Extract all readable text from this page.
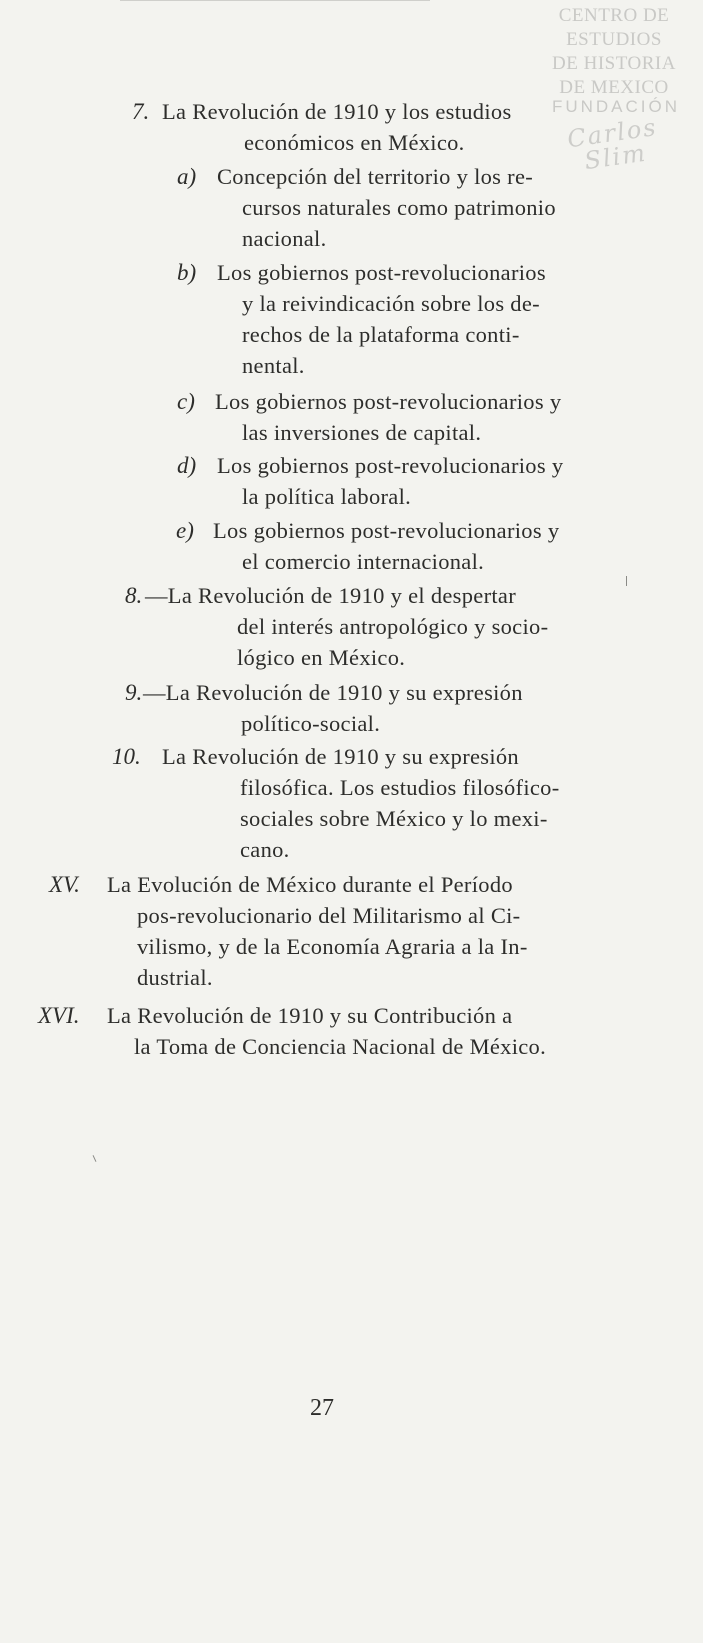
CENTRO DE
ESTUDIOS
DE HISTORIA
DE MEXICO
FUNDACIÓN
Carlos Slim
7. La Revolución de 1910 y los estudios
económicos en México.
a) Concepción del territorio y los re-
cursos naturales como patrimonio
nacional.
b) Los gobiernos post-revolucionarios
y la reivindicación sobre los de-
rechos de la plataforma conti-
nental.
c) Los gobiernos post-revolucionarios y
las inversiones de capital.
d) Los gobiernos post-revolucionarios y
la política laboral.
e) Los gobiernos post-revolucionarios y
el comercio internacional.
8. —La Revolución de 1910 y el despertar
del interés antropológico y socio-
lógico en México.
9. —La Revolución de 1910 y su expresión
político-social.
10. La Revolución de 1910 y su expresión
filosófica. Los estudios filosófico-
sociales sobre México y lo mexi-
cano.
XV. La Evolución de México durante el Período
pos-revolucionario del Militarismo al Ci-
vilismo, y de la Economía Agraria a la In-
dustrial.
XVI. La Revolución de 1910 y su Contribución a
la Toma de Conciencia Nacional de México.
27
